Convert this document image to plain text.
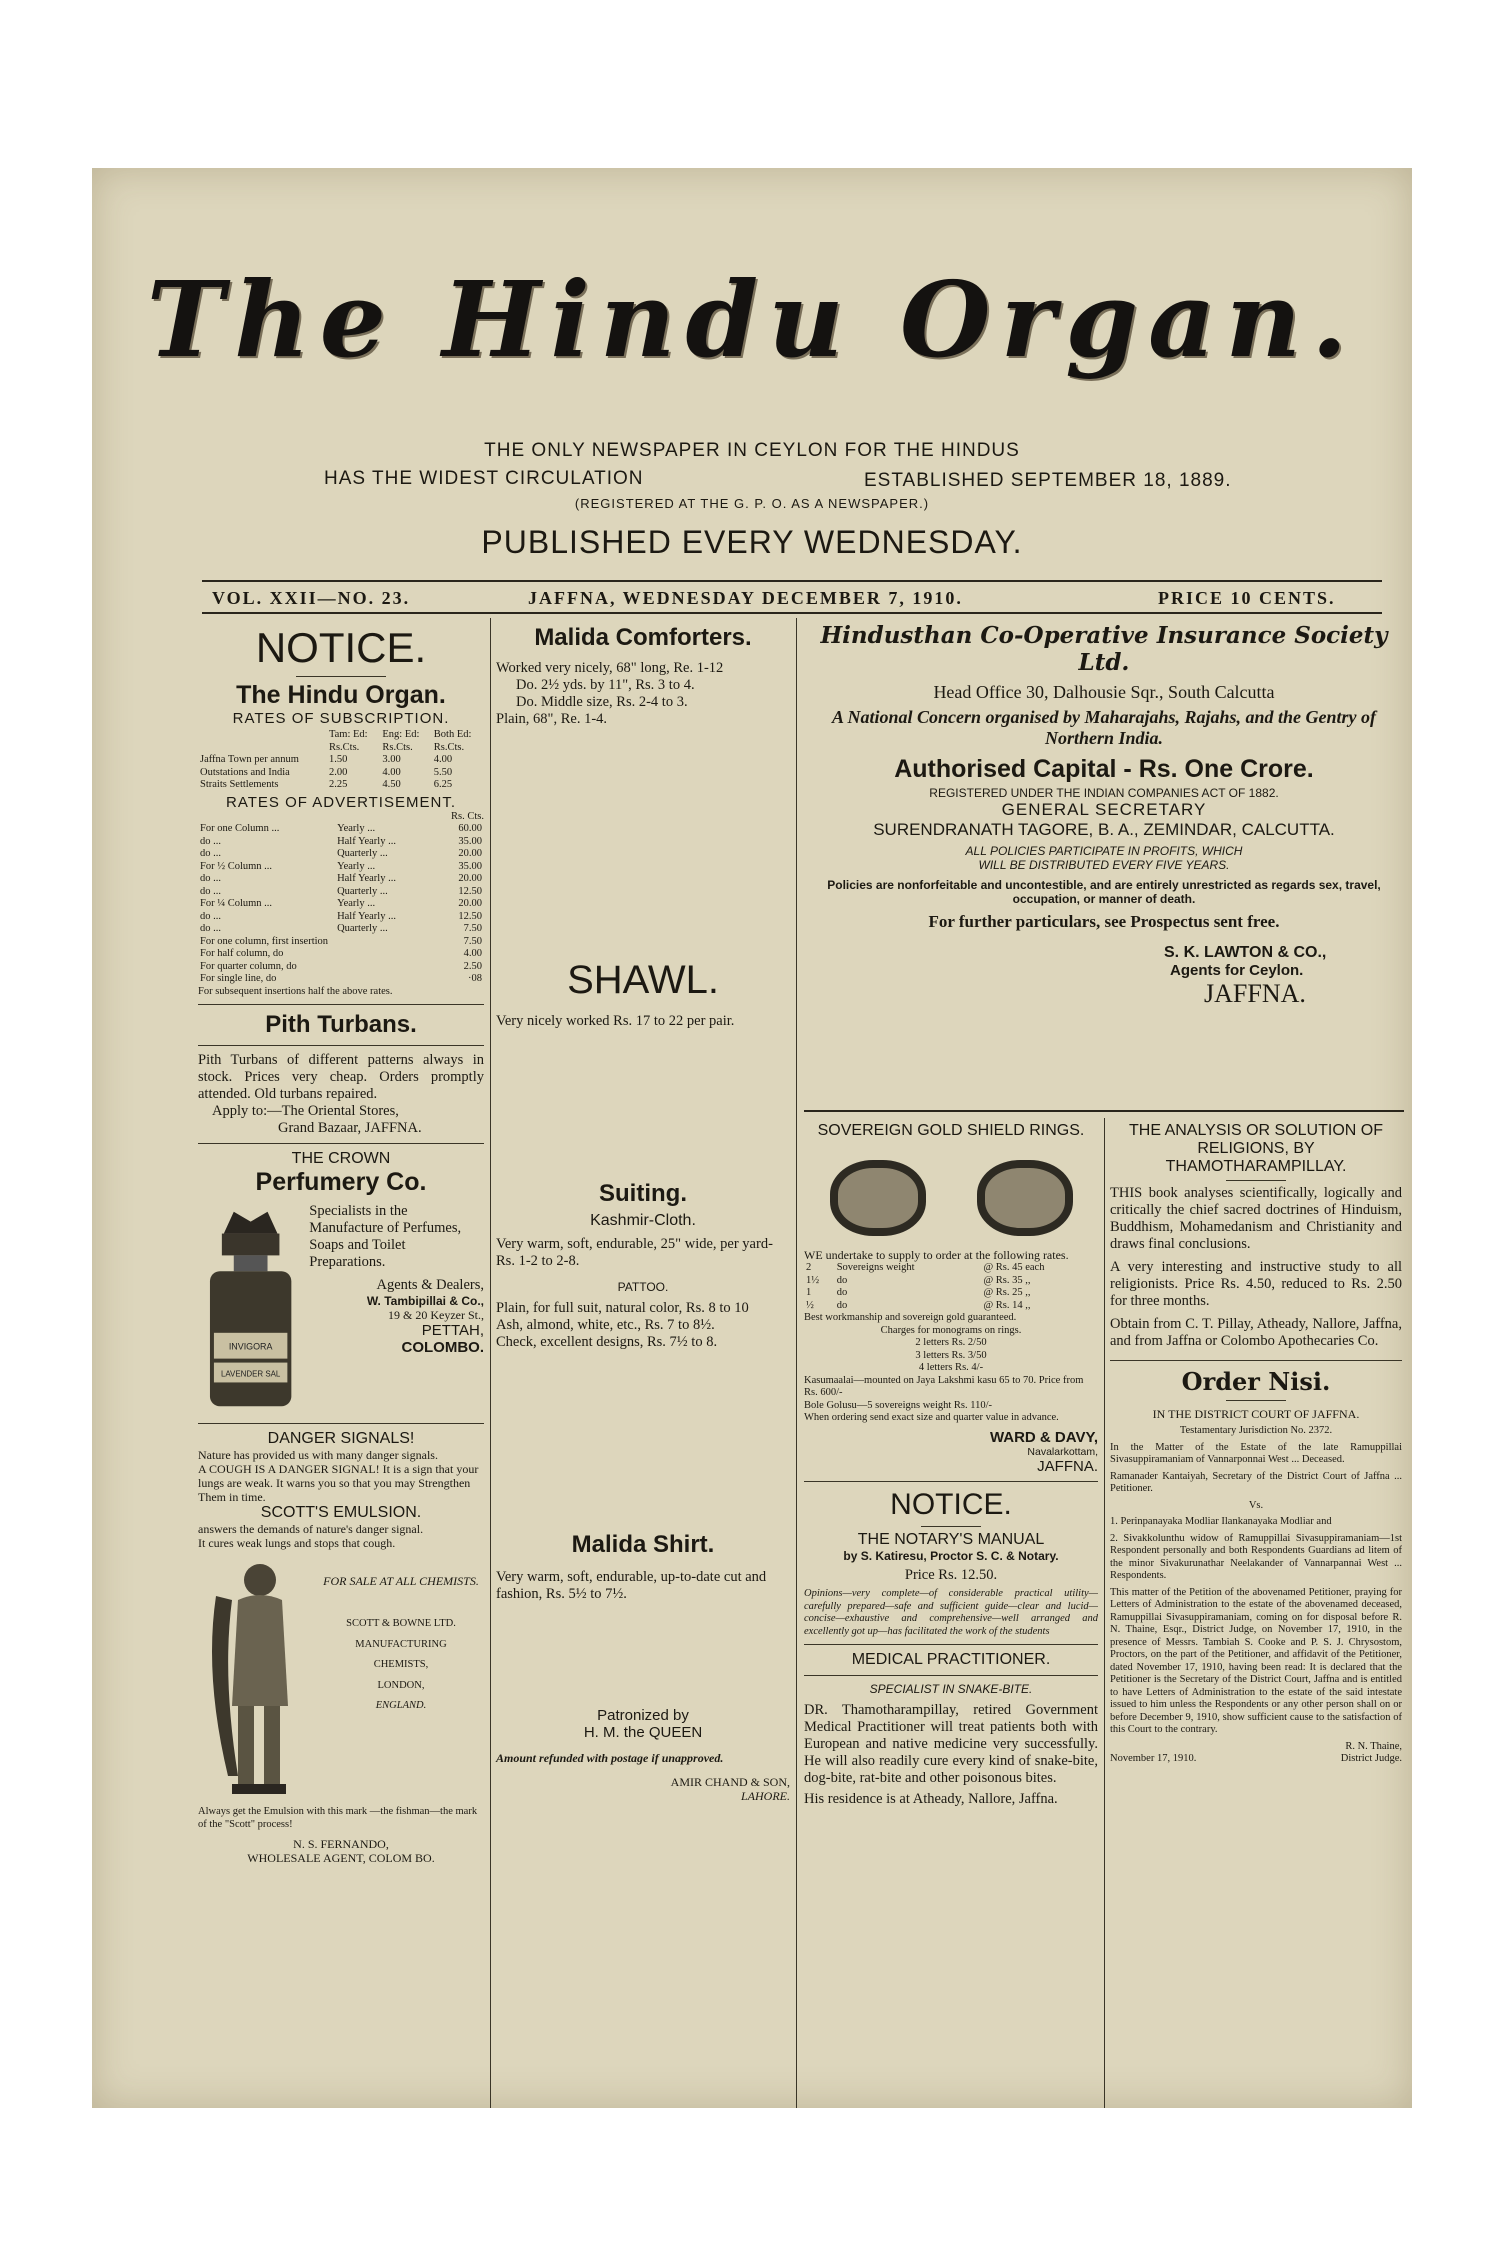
The Hindu Organ.
THE ONLY NEWSPAPER IN CEYLON FOR THE HINDUS
HAS THE WIDEST CIRCULATION	ESTABLISHED SEPTEMBER 18, 1889.
(REGISTERED AT THE G. P. O. AS A NEWSPAPER.)
PUBLISHED EVERY WEDNESDAY.
VOL. XXII—NO. 23.	JAFFNA, WEDNESDAY DECEMBER 7, 1910.	PRICE 10 CENTS.
NOTICE.
The Hindu Organ.
RATES OF SUBSCRIPTION.
	Tam: Ed:	Eng: Ed:	Both Ed:
	Rs.Cts.	Rs.Cts.	Rs.Cts.
Jaffna Town per annum	1.50	3.00	4.00
Outstations and India	2.00	4.00	5.50
Straits Settlements	2.25	4.50	6.25
RATES OF ADVERTISEMENT.
Rs. Cts.
For one Column ...	Yearly ...	60.00
do ...	Half Yearly ...	35.00
do ...	Quarterly ...	20.00
For ½ Column ...	Yearly ...	35.00
do ...	Half Yearly ...	20.00
do ...	Quarterly ...	12.50
For ¼ Column ...	Yearly ...	20.00
do ...	Half Yearly ...	12.50
do ...	Quarterly ...	7.50
For one column, first insertion		7.50
For half column, do		4.00
For quarter column, do		2.50
For single line, do		·08
For subsequent insertions half the above rates.
Pith Turbans.
Pith Turbans of different patterns always in stock. Prices very cheap. Orders promptly attended. Old turbans repaired.
Apply to:—The Oriental Stores,
Grand Bazaar, JAFFNA.
THE CROWN
Perfumery Co.
INVIGORA
LAVENDER SAL
Specialists in the Manufacture of Perfumes, Soaps and Toilet Preparations.
Agents & Dealers,
W. Tambipillai & Co.,
19 & 20 Keyzer St.,
PETTAH,
COLOMBO.
DANGER SIGNALS!
Nature has provided us with many danger signals.
A COUGH IS A DANGER SIGNAL! It is a sign that your lungs are weak. It warns you so that you may Strengthen Them in time.
SCOTT'S EMULSION.
answers the demands of nature's danger signal.
It cures weak lungs and stops that cough.
FOR SALE AT ALL CHEMISTS.
SCOTT & BOWNE LTD.
MANUFACTURING
CHEMISTS,
LONDON,
ENGLAND.
Always get the Emulsion with this mark —the fishman—the mark of the "Scott" process!
N. S. FERNANDO,
WHOLESALE AGENT, COLOM BO.
Malida Comforters.
Worked very nicely, 68" long, Re. 1-12
Do. 2½ yds. by 11", Rs. 3 to 4.
Do. Middle size, Rs. 2-4 to 3.
Plain, 68", Re. 1-4.
SHAWL.
Very nicely worked Rs. 17 to 22 per pair.
Suiting.
Kashmir-Cloth.
Very warm, soft, endurable, 25" wide, per yard-Rs. 1-2 to 2-8.
PATTOO.
Plain, for full suit, natural color, Rs. 8 to 10
Ash, almond, white, etc., Rs. 7 to 8½.
Check, excellent designs, Rs. 7½ to 8.
Malida Shirt.
Very warm, soft, endurable, up-to-date cut and fashion, Rs. 5½ to 7½.
Patronized by
H. M. the QUEEN
Amount refunded with postage if unapproved.
AMIR CHAND & SON,
LAHORE.
Hindusthan Co-Operative Insurance Society Ltd.
Head Office 30, Dalhousie Sqr., South Calcutta
A National Concern organised by Maharajahs, Rajahs, and the Gentry of Northern India.
Authorised Capital - Rs. One Crore.
REGISTERED UNDER THE INDIAN COMPANIES ACT OF 1882.
GENERAL SECRETARY
SURENDRANATH TAGORE, B. A., ZEMINDAR, CALCUTTA.
ALL POLICIES PARTICIPATE IN PROFITS, WHICH
WILL BE DISTRIBUTED EVERY FIVE YEARS.
Policies are nonforfeitable and uncontestible, and are entirely unrestricted as regards sex, travel, occupation, or manner of death.
For further particulars, see Prospectus sent free.
S. K. LAWTON & CO.,
Agents for Ceylon.
JAFFNA.
SOVEREIGN GOLD SHIELD RINGS.
WE undertake to supply to order at the following rates.
2	Sovereigns weight	@ Rs. 45 each
1½	do	@ Rs. 35 ,,
1	do	@ Rs. 25 ,,
½	do	@ Rs. 14 ,,
Best workmanship and sovereign gold guaranteed.
Charges for monograms on rings.
2 letters Rs. 2/50
3 letters Rs. 3/50
4 letters Rs. 4/-
Kasumaalai—mounted on Jaya Lakshmi kasu 65 to 70. Price from Rs. 600/-
Bole Golusu—5 sovereigns weight Rs. 110/-
When ordering send exact size and quarter value in advance.
WARD & DAVY,
Navalarkottam,
JAFFNA.
NOTICE.
THE NOTARY'S MANUAL
by S. Katiresu, Proctor S. C. & Notary.
Price Rs. 12.50.
Opinions—very complete—of considerable practical utility—carefully prepared—safe and sufficient guide—clear and lucid—concise—exhaustive and comprehensive—well arranged and excellently got up—has facilitated the work of the students
MEDICAL PRACTITIONER.
SPECIALIST IN SNAKE-BITE.
DR. Thamotharampillay, retired Government Medical Practitioner will treat patients both with European and native medicine very successfully. He will also readily cure every kind of snake-bite, dog-bite, rat-bite and other poisonous bites.
His residence is at Atheady, Nallore, Jaffna.
THE ANALYSIS OR SOLUTION OF RELIGIONS, BY THAMOTHARAMPILLAY.
THIS book analyses scientifically, logically and critically the chief sacred doctrines of Hinduism, Buddhism, Mohamedanism and Christianity and draws final conclusions.
A very interesting and instructive study to all religionists. Price Rs. 4.50, reduced to Rs. 2.50 for three months.
Obtain from C. T. Pillay, Atheady, Nallore, Jaffna, and from Jaffna or Colombo Apothecaries Co.
Order Nisi.
IN THE DISTRICT COURT OF JAFFNA.
Testamentary Jurisdiction No. 2372.
In the Matter of the Estate of the late Ramuppillai Sivasuppiramaniam of Vannarponnai West ... Deceased.
Ramanader Kantaiyah, Secretary of the District Court of Jaffna ... Petitioner.
Vs.
1. Perinpanayaka Modliar Ilankanayaka Modliar and
2. Sivakkolunthu widow of Ramuppillai Sivasuppiramaniam—1st Respondent personally and both Respondents Guardians ad litem of the minor Sivakurunathar Neelakander of Vannarpannai West ... Respondents.
This matter of the Petition of the abovenamed Petitioner, praying for Letters of Administration to the estate of the abovenamed deceased, Ramuppillai Sivasuppiramaniam, coming on for disposal before R. N. Thaine, Esqr., District Judge, on November 17, 1910, in the presence of Messrs. Tambiah S. Cooke and P. S. J. Chrysostom, Proctors, on the part of the Petitioner, and affidavit of the Petitioner, dated November 17, 1910, having been read: It is declared that the Petitioner is the Secretary of the District Court, Jaffna and is entitled to have Letters of Administration to the estate of the said intestate issued to him unless the Respondents or any other person shall on or before December 9, 1910, show sufficient cause to the satisfaction of this Court to the contrary.
R. N. Thaine,
November 17, 1910.	District Judge.
